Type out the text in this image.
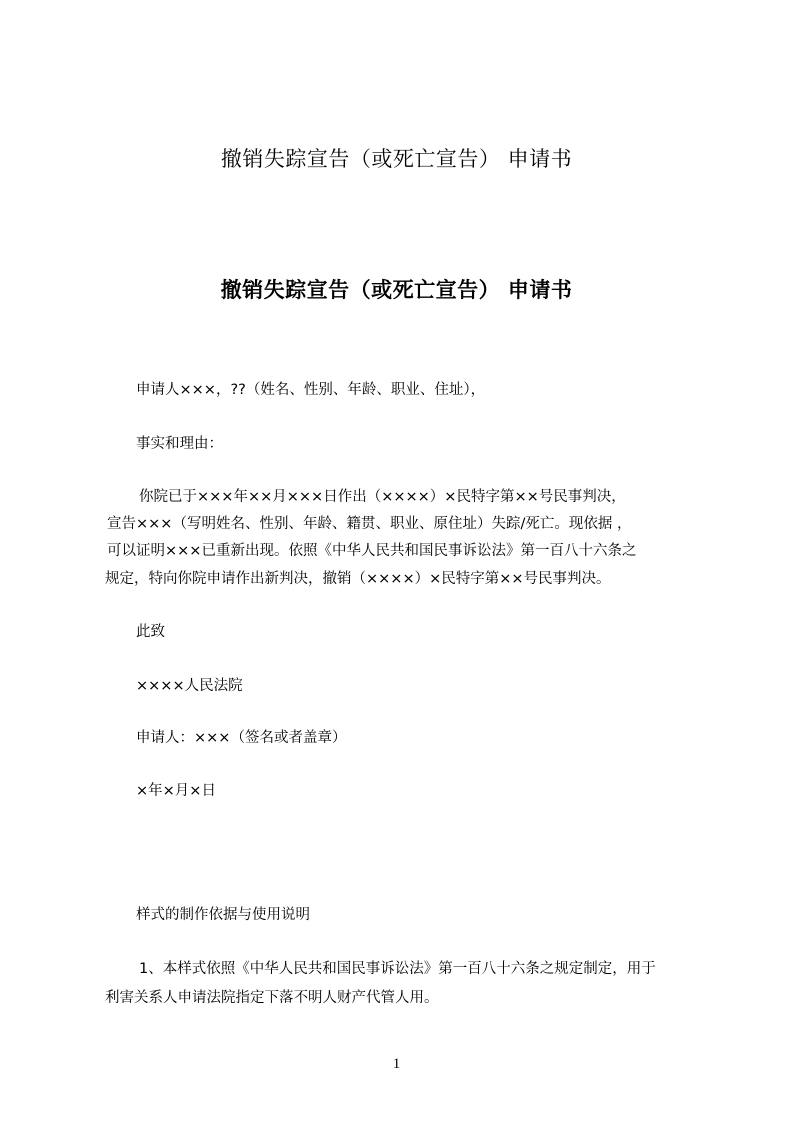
撤销失踪宣告（或死亡宣告） 申请书
撤销失踪宣告（或死亡宣告） 申请书
申请人×××，??（姓名、性别、年龄、职业、住址），
事实和理由：
你院已于×××年××月×××日作出（××××）×民特字第××号民事判决，
宣告×××（写明姓名、性别、年龄、籍贯、职业、原住址）失踪/死亡。现依据 ，
可以证明×××已重新出现。依照《中华人民共和国民事诉讼法》第一百八十六条之
规定，特向你院申请作出新判决，撤销（××××）×民特字第××号民事判决。
此致
××××人民法院
申请人：×××（签名或者盖章）
×年×月×日
样式的制作依据与使用说明
1、本样式依照《中华人民共和国民事诉讼法》第一百八十六条之规定制定，用于
利害关系人申请法院指定下落不明人财产代管人用。
1
